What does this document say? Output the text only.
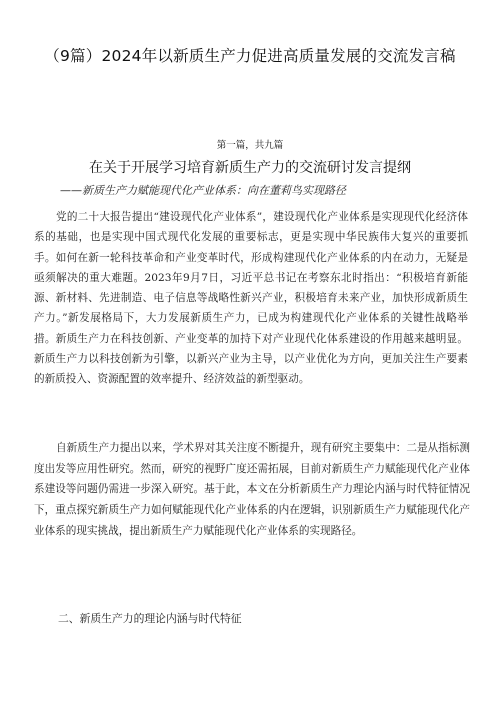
（9篇）2024年以新质生产力促进高质量发展的交流发言稿
第一篇，共九篇
在关于开展学习培育新质生产力的交流研讨发言提纲
——新质生产力赋能现代化产业体系：向在董莉鸟实现路径

党的二十大报告提出“建设现代化产业体系”，建设现代化产业体系是实现现代化经济体系的基础，也是实现中国式现代化发展的重要标志，更是实现中华民族伟大复兴的重要抓手。如何在新一轮科技革命和产业变革时代，形成构建现代化产业体系的内在动力，无疑是亟须解决的重大难题。2023年9月7日，习近平总书记在考察东北时指出：“积极培育新能源、新材料、先进制造、电子信息等战略性新兴产业，积极培育未来产业，加快形成新质生产力。”新发展格局下，大力发展新质生产力，已成为构建现代化产业体系的关键性战略举措。新质生产力在科技创新、产业变革的加持下对产业现代化体系建设的作用越来越明显。新质生产力以科技创新为引擎，以新兴产业为主导，以产业优化为方向，更加关注生产要素的新质投入、资源配置的效率提升、经济效益的新型驱动。

自新质生产力提出以来，学术界对其关注度不断提升，现有研究主要集中：二是从指标测度出发等应用性研究。然而，研究的视野广度还需拓展，目前对新质生产力赋能现代化产业体系建设等问题仍需进一步深入研究。基于此，本文在分析新质生产力理论内涵与时代特征情况下，重点探究新质生产力如何赋能现代化产业体系的内在逻辑，识别新质生产力赋能现代化产业体系的现实挑战，提出新质生产力赋能现代化产业体系的实现路径。

二、新质生产力的理论内涵与时代特征
